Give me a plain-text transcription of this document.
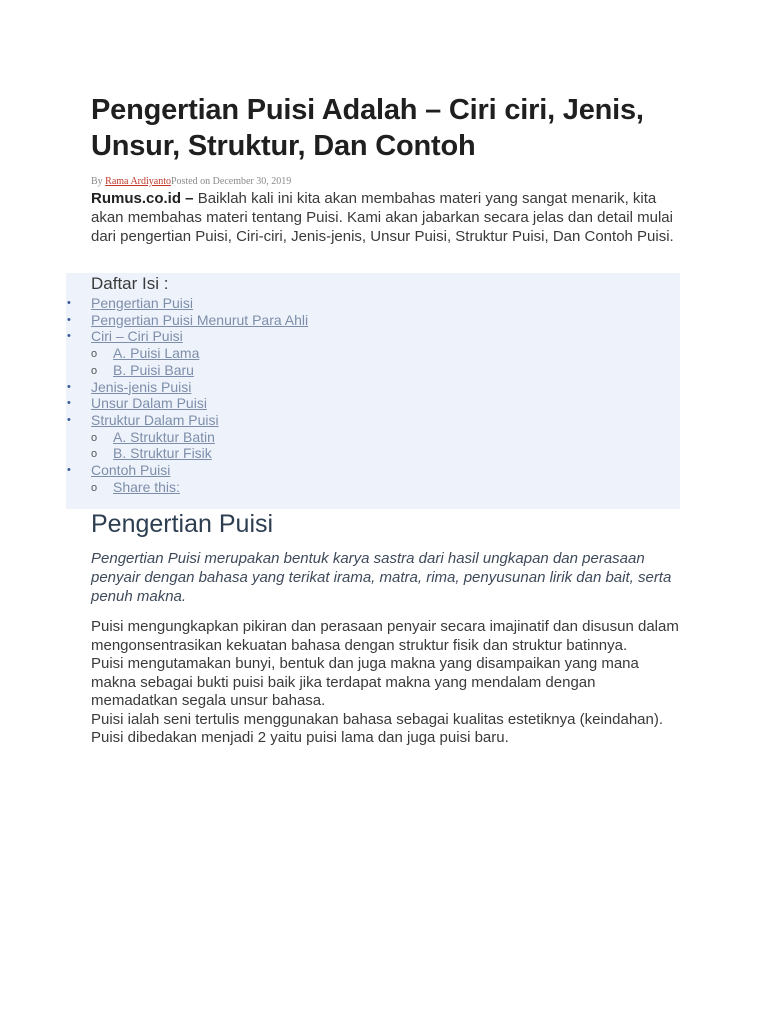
Pengertian Puisi Adalah – Ciri ciri, Jenis, Unsur, Struktur, Dan Contoh
By Rama ArdiyantoPosted on December 30, 2019
Rumus.co.id – Baiklah kali ini kita akan membahas materi yang sangat menarik, kita akan membahas materi tentang Puisi. Kami akan jabarkan secara jelas dan detail mulai dari pengertian Puisi, Ciri-ciri, Jenis-jenis, Unsur Puisi, Struktur Puisi, Dan Contoh Puisi.
Daftar Isi :
• Pengertian Puisi
• Pengertian Puisi Menurut Para Ahli
• Ciri – Ciri Puisi
o A. Puisi Lama
o B. Puisi Baru
• Jenis-jenis Puisi
• Unsur Dalam Puisi
• Struktur Dalam Puisi
o A. Struktur Batin
o B. Struktur Fisik
• Contoh Puisi
o Share this:
Pengertian Puisi
Pengertian Puisi merupakan bentuk karya sastra dari hasil ungkapan dan perasaan penyair dengan bahasa yang terikat irama, matra, rima, penyusunan lirik dan bait, serta penuh makna.

Puisi mengungkapkan pikiran dan perasaan penyair secara imajinatif dan disusun dalam mengonsentrasikan kekuatan bahasa dengan struktur fisik dan struktur batinnya.

Puisi mengutamakan bunyi, bentuk dan juga makna yang disampaikan yang mana makna sebagai bukti puisi baik jika terdapat makna yang mendalam dengan memadatkan segala unsur bahasa.

Puisi ialah seni tertulis menggunakan bahasa sebagai kualitas estetiknya (keindahan). Puisi dibedakan menjadi 2 yaitu puisi lama dan juga puisi baru.
